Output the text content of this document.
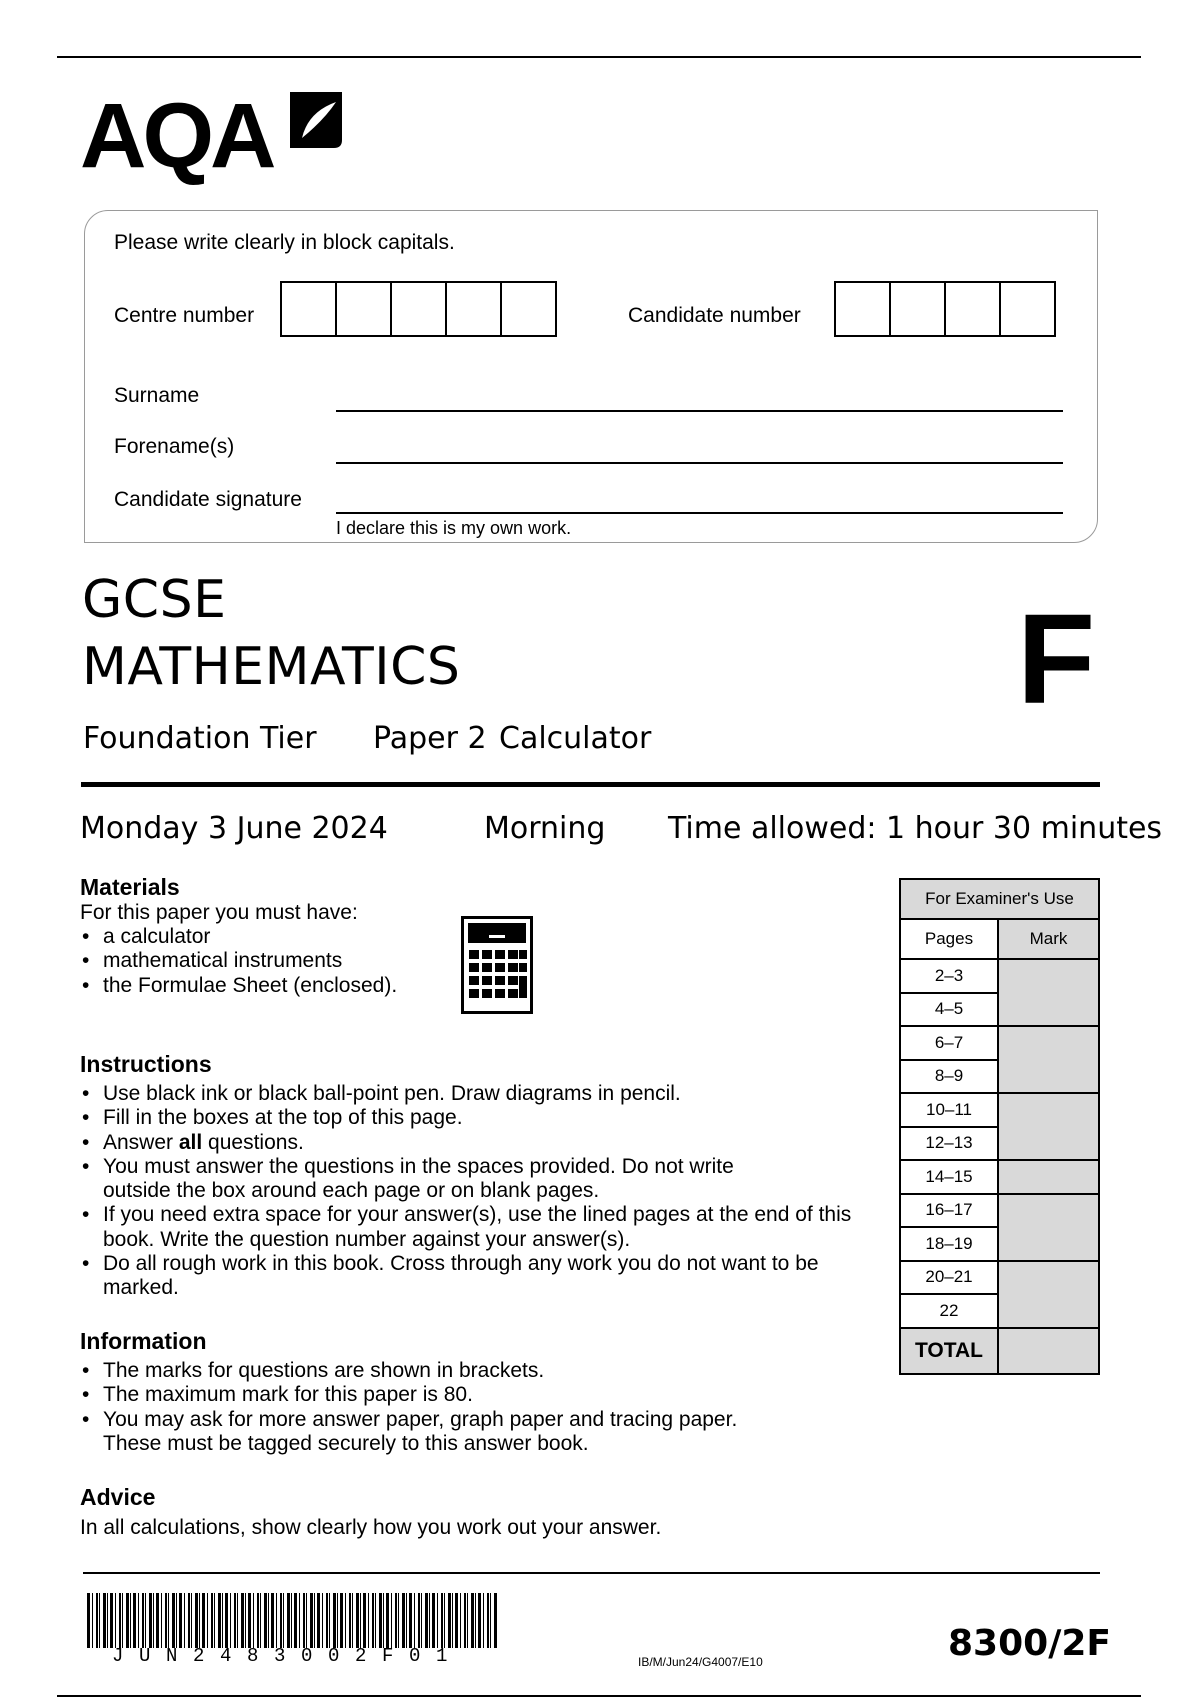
AQA
Please write clearly in block capitals.
Centre number	Candidate number
Surname
Forename(s)
Candidate signature
I declare this is my own work.
GCSE
MATHEMATICS
Foundation Tier Paper 2 Calculator
F
Monday 3 June 2024	Morning Time allowed: 1 hour 30 minutes
Materials
For this paper you must have:
• a calculator
• mathematical instruments
• the Formulae Sheet (enclosed).
Instructions
• Use black ink or black ball-point pen. Draw diagrams in pencil.
• Fill in the boxes at the top of this page.
• Answer all questions.
• You must answer the questions in the spaces provided. Do not write outside the box around each page or on blank pages.
• If you need extra space for your answer(s), use the lined pages at the end of this book. Write the question number against your answer(s).
• Do all rough work in this book. Cross through any work you do not want to be marked.
Information
• The marks for questions are shown in brackets.
• The maximum mark for this paper is 80.
• You may ask for more answer paper, graph paper and tracing paper. These must be tagged securely to this answer book.
Advice
In all calculations, show clearly how you work out your answer.
For Examiner's Use	
Pages	Mark
2–3	
4–5	
6–7	
8–9	
10–11	
12–13	
14–15	
16–17	
18–19	
20–21	
22	
TOTAL	
JUN2483002F01	IB/M/Jun24/G4007/E10	8300/2F
